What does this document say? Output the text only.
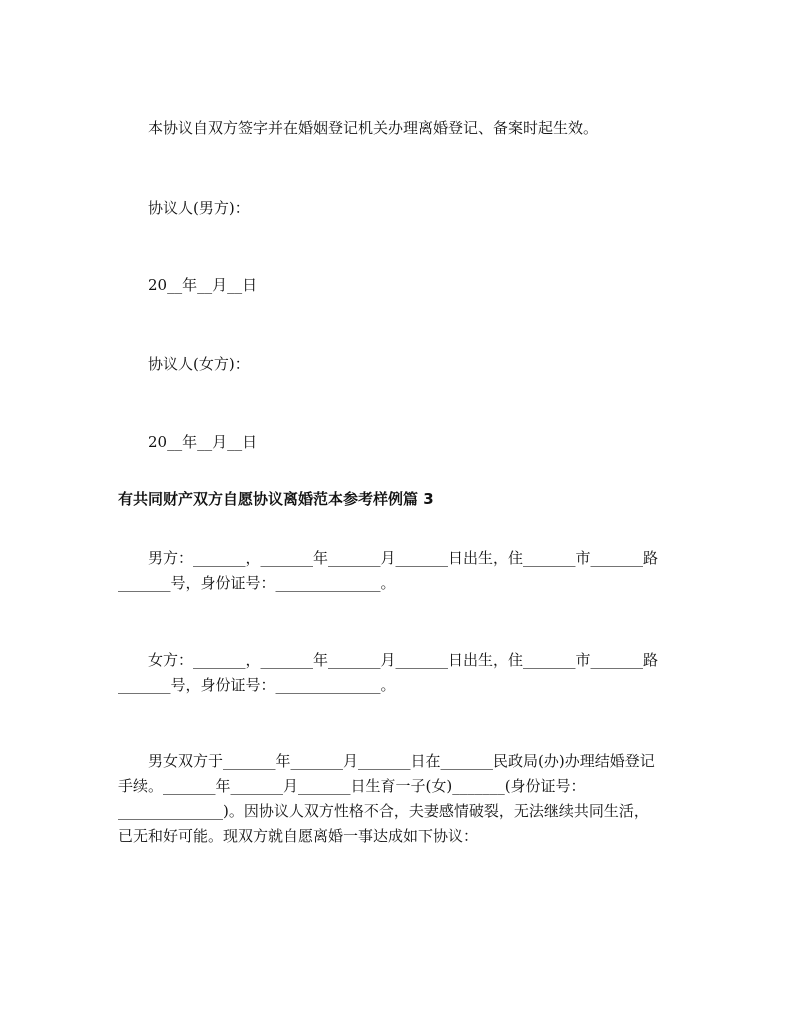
本协议自双方签字并在婚姻登记机关办理离婚登记、备案时起生效。
协议人(男方)：
20__年__月__日
协议人(女方)：
20__年__月__日
有共同财产双方自愿协议离婚范本参考样例篇 3
男方：_______，_______年_______月_______日出生，住_______市_______路
_______号，身份证号：______________。
女方：_______，_______年_______月_______日出生，住_______市_______路
_______号，身份证号：______________。
男女双方于_______年_______月_______日在_______民政局(办)办理结婚登记
手续。_______年_______月_______日生育一子(女)_______(身份证号：
______________)。因协议人双方性格不合，夫妻感情破裂，无法继续共同生活，
已无和好可能。现双方就自愿离婚一事达成如下协议：
